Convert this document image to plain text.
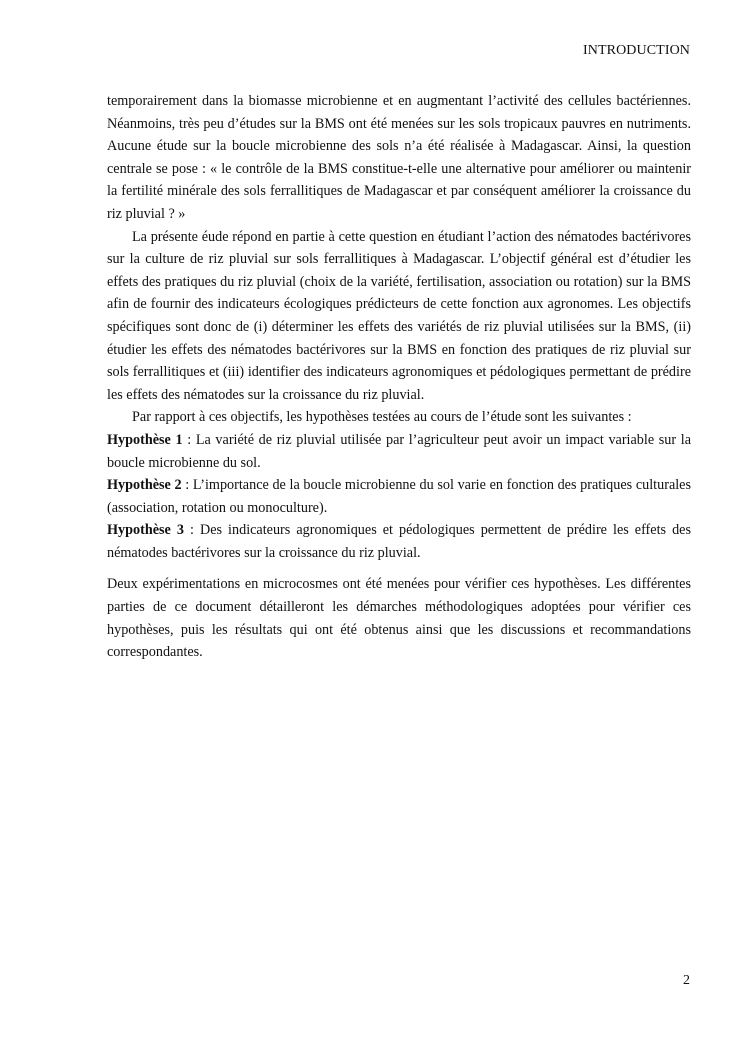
INTRODUCTION

temporairement dans la biomasse microbienne et en augmentant l’activité des cellules bactériennes. Néanmoins, très peu d’études sur la BMS ont été menées sur les sols tropicaux pauvres en nutriments. Aucune étude sur la boucle microbienne des sols n’a été réalisée à Madagascar. Ainsi, la question centrale se pose : « le contrôle de la BMS constitue-t-elle une alternative pour améliorer ou maintenir la fertilité minérale des sols ferrallitiques de Madagascar et par conséquent améliorer la croissance du riz pluvial ? »

La présente éude répond en partie à cette question en étudiant l’action des nématodes bactérivores sur la culture de riz pluvial sur sols ferrallitiques à Madagascar. L’objectif général est d’étudier les effets des pratiques du riz pluvial (choix de la variété, fertilisation, association ou rotation) sur la BMS afin de fournir des indicateurs écologiques prédicteurs de cette fonction aux agronomes. Les objectifs spécifiques sont donc de (i) déterminer les effets des variétés de riz pluvial utilisées sur la BMS, (ii) étudier les effets des nématodes bactérivores sur la BMS en fonction des pratiques de riz pluvial sur sols ferrallitiques et (iii) identifier des indicateurs agronomiques et pédologiques permettant de prédire les effets des nématodes sur la croissance du riz pluvial.

Par rapport à ces objectifs, les hypothèses testées au cours de l’étude sont les suivantes :

Hypothèse 1 : La variété de riz pluvial utilisée par l’agriculteur peut avoir un impact variable sur la boucle microbienne du sol.

Hypothèse 2 : L’importance de la boucle microbienne du sol varie en fonction des pratiques culturales (association, rotation ou monoculture).

Hypothèse 3 : Des indicateurs agronomiques et pédologiques permettent de prédire les effets des nématodes bactérivores sur la croissance du riz pluvial.

Deux expérimentations en microcosmes ont été menées pour vérifier ces hypothèses. Les différentes parties de ce document détailleront les démarches méthodologiques adoptées pour vérifier ces hypothèses, puis les résultats qui ont été obtenus ainsi que les discussions et recommandations correspondantes.

2
